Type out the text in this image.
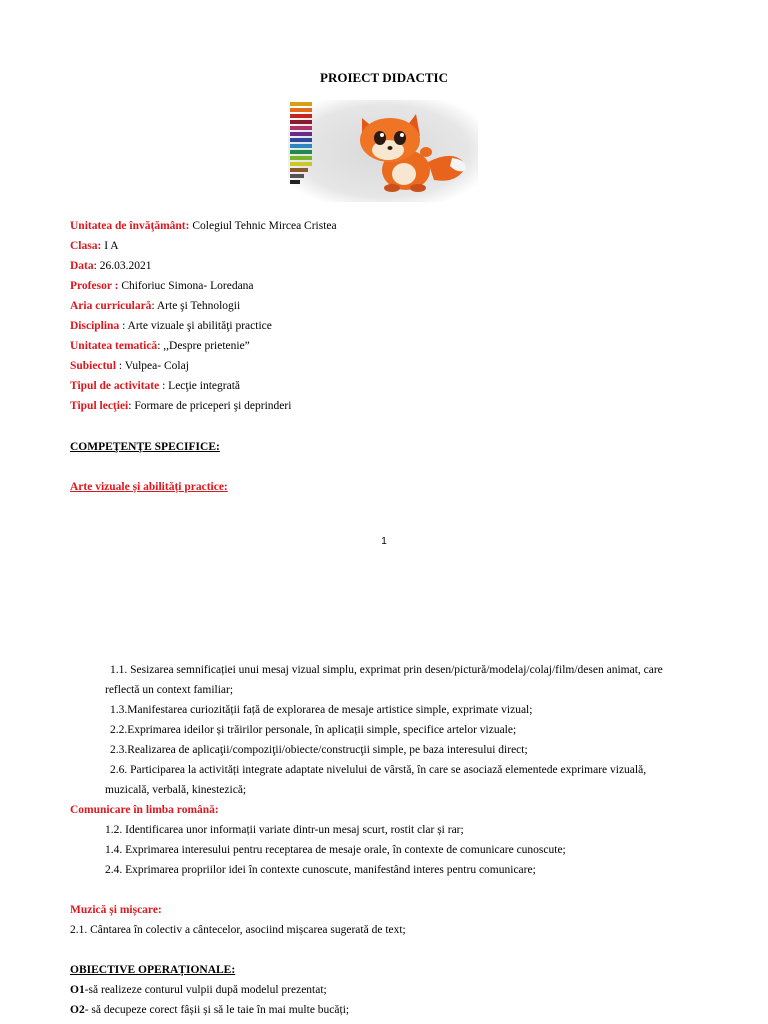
PROIECT DIDACTIC
Unitatea de învăţământ: Colegiul Tehnic Mircea Cristea
Clasa: I A
Data: 26.03.2021
Profesor : Chiforiuc Simona- Loredana
Aria curriculară: Arte şi Tehnologii
Disciplina : Arte vizuale şi abilităţi practice
Unitatea tematică: ,,Despre prietenie”
Subiectul : Vulpea- Colaj
Tipul de activitate : Lecţie integrată
Tipul lecţiei: Formare de priceperi şi deprinderi
COMPEŢENŢE SPECIFICE:
Arte vizuale și abilități practice:
1
1.1. Sesizarea semnificației unui mesaj vizual simplu, exprimat prin desen/pictură/modelaj/colaj/film/desen animat, care
reflectă un context familiar;
1.3.Manifestarea curiozității față de explorarea de mesaje artistice simple, exprimate vizual;
2.2.Exprimarea ideilor și trăirilor personale, în aplicații simple, specifice artelor vizuale;
2.3.Realizarea de aplicaţii/compoziţii/obiecte/construcţii simple, pe baza interesului direct;
2.6. Participarea la activități integrate adaptate nivelului de vârstă, în care se asociază elementede exprimare vizuală,
muzicală, verbală, kinestezică;
Comunicare în limba română:
1.2. Identificarea unor informații variate dintr-un mesaj scurt, rostit clar și rar;
1.4. Exprimarea interesului pentru receptarea de mesaje orale, în contexte de comunicare cunoscute;
2.4. Exprimarea propriilor idei în contexte cunoscute, manifestând interes pentru comunicare;
Muzică și mișcare:
2.1. Cântarea în colectiv a cântecelor, asociind mișcarea sugerată de text;
OBIECTIVE OPERAȚIONALE:
O1-să realizeze conturul vulpii după modelul prezentat;
O2- să decupeze corect fâșii și să le taie în mai multe bucăți;
